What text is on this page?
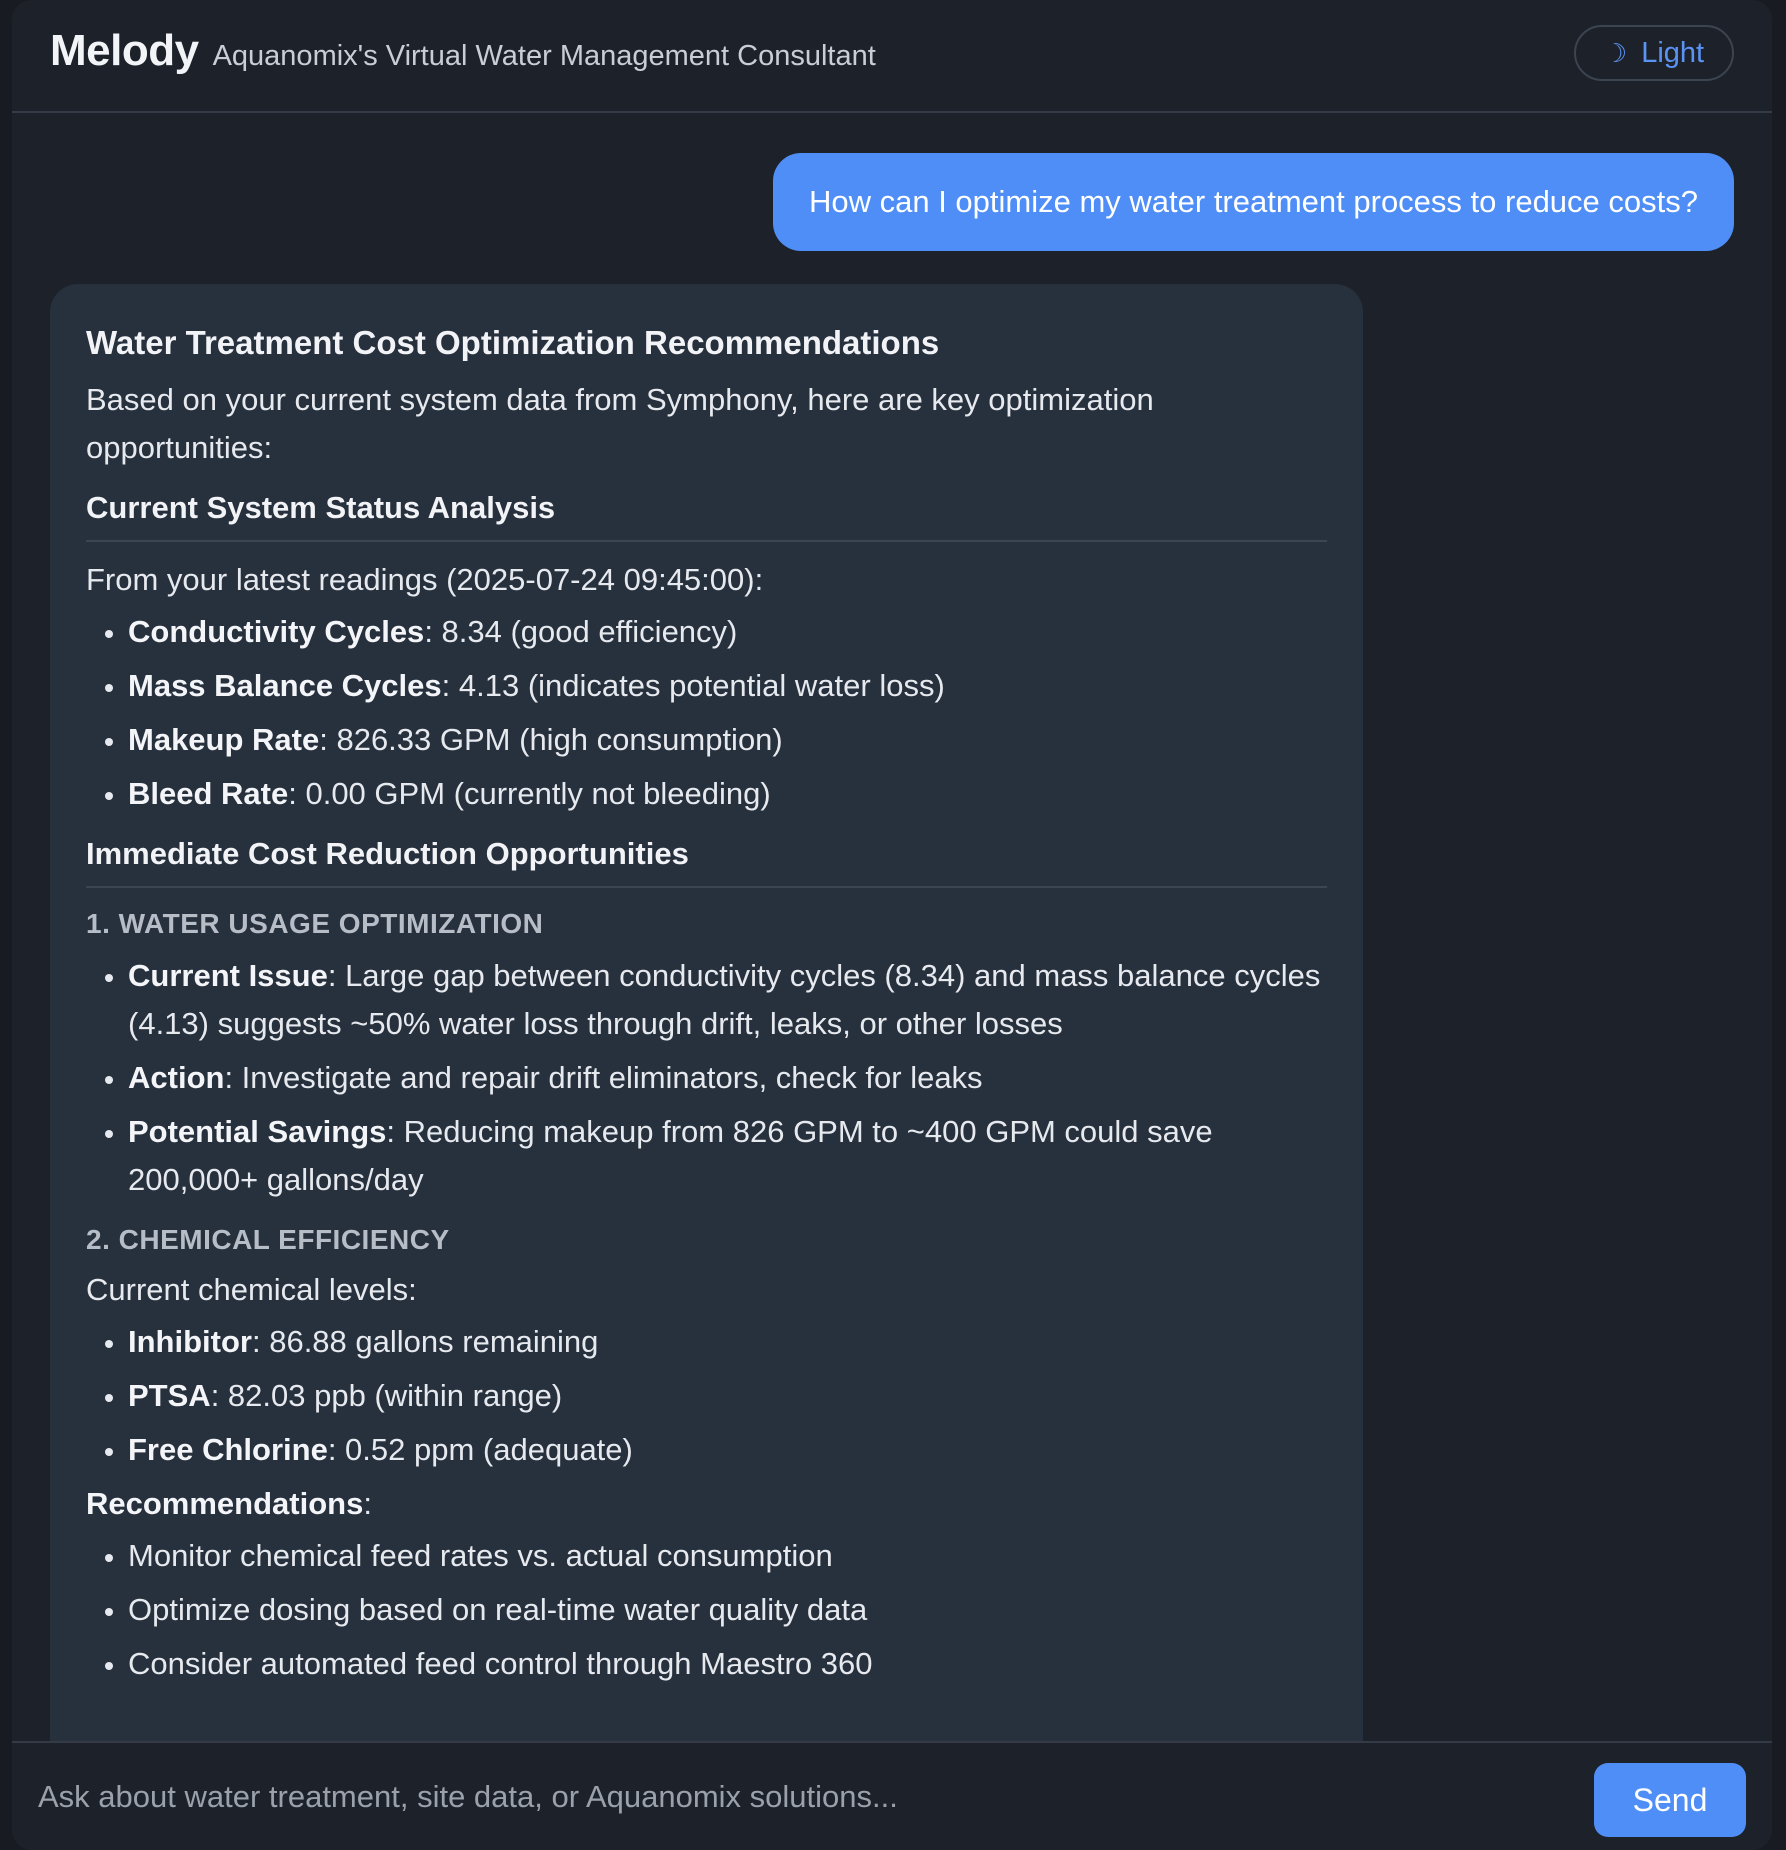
Melody Aquanomix's Virtual Water Management Consultant	☽ Light
How can I optimize my water treatment process to reduce costs?
Water Treatment Cost Optimization Recommendations

Based on your current system data from Symphony, here are key optimization opportunities:

Current System Status Analysis

From your latest readings (2025-07-24 09:45:00):

• Conductivity Cycles: 8.34 (good efficiency)
• Mass Balance Cycles: 4.13 (indicates potential water loss)
• Makeup Rate: 826.33 GPM (high consumption)
• Bleed Rate: 0.00 GPM (currently not bleeding)
Immediate Cost Reduction Opportunities
1. WATER USAGE OPTIMIZATION
• Current Issue: Large gap between conductivity cycles (8.34) and mass balance cycles (4.13) suggests ~50% water loss through drift, leaks, or other losses
• Action: Investigate and repair drift eliminators, check for leaks
• Potential Savings: Reducing makeup from 826 GPM to ~400 GPM could save 200,000+ gallons/day
2. CHEMICAL EFFICIENCY

Current chemical levels:

• Inhibitor: 86.88 gallons remaining
• PTSA: 82.03 ppb (within range)
• Free Chlorine: 0.52 ppm (adequate)

Recommendations:

• Monitor chemical feed rates vs. actual consumption
• Optimize dosing based on real-time water quality data
• Consider automated feed control through Maestro 360
Ask about water treatment, site data, or Aquanomix solutions...
Send
